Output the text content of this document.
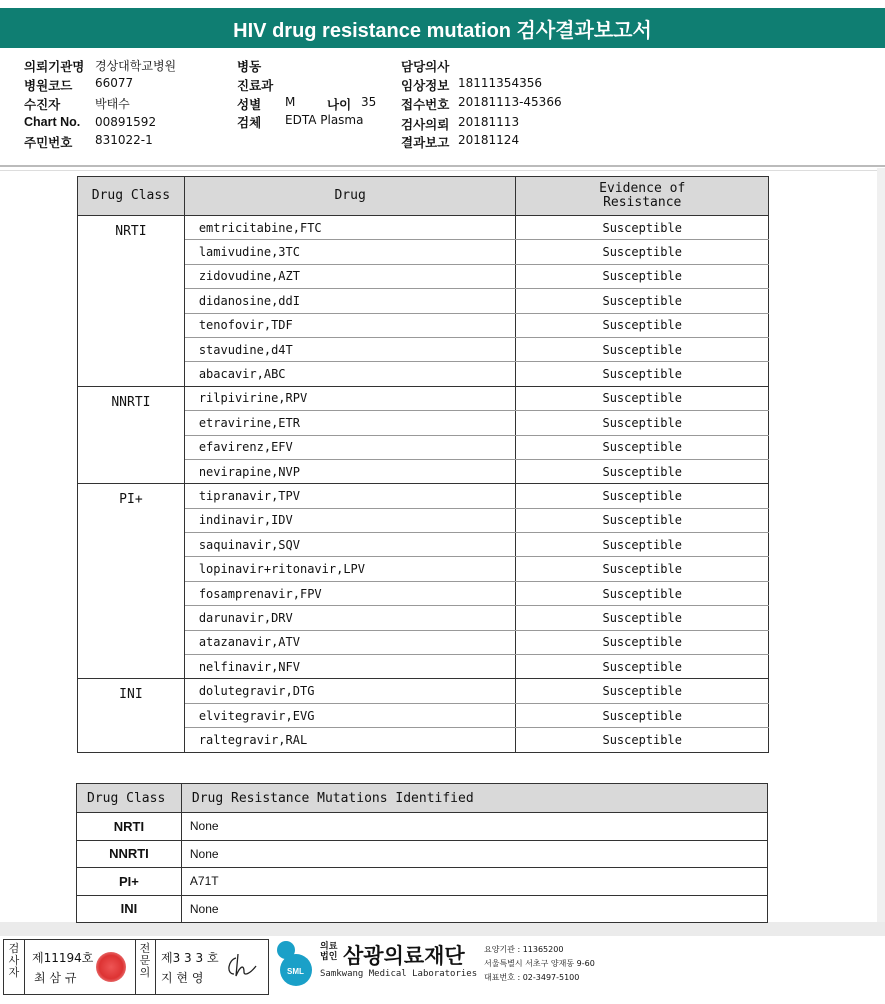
HIV drug resistance mutation 검사결과보고서
의뢰기관명 경상대학교병원
병원코드 66077
수진자	박태수
Chart No. 00891592
주민번호 831022-1
병동
진료과
성별 M	나이 35
검체 EDTA Plasma
담당의사
임상정보 18111354356
접수번호 20181113-45366
검사의뢰 20181113
결과보고 20181124
Drug Class	Drug	Evidence of
Resistance
NRTI	emtricitabine,FTC	Susceptible
	lamivudine,3TC	Susceptible
	zidovudine,AZT	Susceptible
	didanosine,ddI	Susceptible
	tenofovir,TDF	Susceptible
	stavudine,d4T	Susceptible
	abacavir,ABC	Susceptible
NNRTI	rilpivirine,RPV	Susceptible
	etravirine,ETR	Susceptible
	efavirenz,EFV	Susceptible
	nevirapine,NVP	Susceptible
PI+	tipranavir,TPV	Susceptible
	indinavir,IDV	Susceptible
	saquinavir,SQV	Susceptible
	lopinavir+ritonavir,LPV	Susceptible
	fosamprenavir,FPV	Susceptible
	darunavir,DRV	Susceptible
	atazanavir,ATV	Susceptible
	nelfinavir,NFV	Susceptible
INI	dolutegravir,DTG	Susceptible
	elvitegravir,EVG	Susceptible
	raltegravir,RAL	Susceptible
Drug Class	Drug Resistance Mutations Identified
NRTI	None
NNRTI	None
PI+	A71T
INI	None
검사자
제11194호
최 삼 규
전문의
제3 3 3 호
지 현 영	SML
의료
법인 삼광의료재단
Samkwang Medical Laboratories
요양기관 : 11365200
서울특별시 서초구 양재동 9-60
대표번호 : 02-3497-5100
